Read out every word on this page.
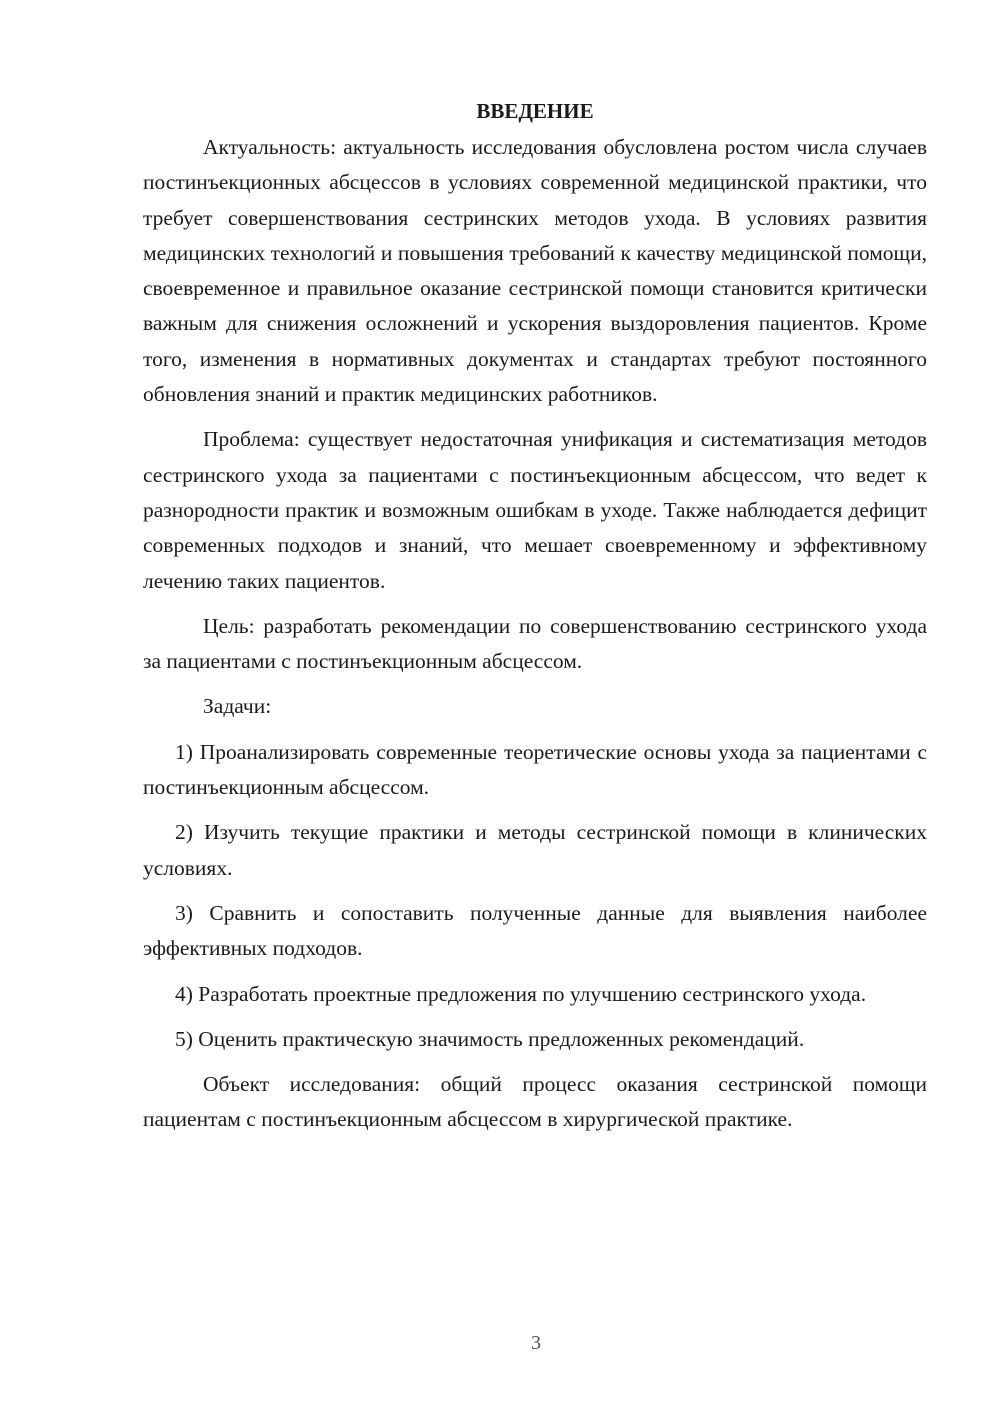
ВВЕДЕНИЕ

Актуальность: актуальность исследования обусловлена ростом числа случаев постинъекционных абсцессов в условиях современной медицинской практики, что требует совершенствования сестринских методов ухода. В условиях развития медицинских технологий и повышения требований к качеству медицинской помощи, своевременное и правильное оказание сестринской помощи становится критически важным для снижения осложнений и ускорения выздоровления пациентов. Кроме того, изменения в нормативных документах и стандартах требуют постоянного обновления знаний и практик медицинских работников.

Проблема: существует недостаточная унификация и систематизация методов сестринского ухода за пациентами с постинъекционным абсцессом, что ведет к разнородности практик и возможным ошибкам в уходе. Также наблюдается дефицит современных подходов и знаний, что мешает своевременному и эффективному лечению таких пациентов.

Цель: разработать рекомендации по совершенствованию сестринского ухода за пациентами с постинъекционным абсцессом.

Задачи:

1) Проанализировать современные теоретические основы ухода за пациентами с постинъекционным абсцессом.

2) Изучить текущие практики и методы сестринской помощи в клинических условиях.

3) Сравнить и сопоставить полученные данные для выявления наиболее эффективных подходов.

4) Разработать проектные предложения по улучшению сестринского ухода.

5) Оценить практическую значимость предложенных рекомендаций.

Объект исследования: общий процесс оказания сестринской помощи пациентам с постинъекционным абсцессом в хирургической практике.

3
